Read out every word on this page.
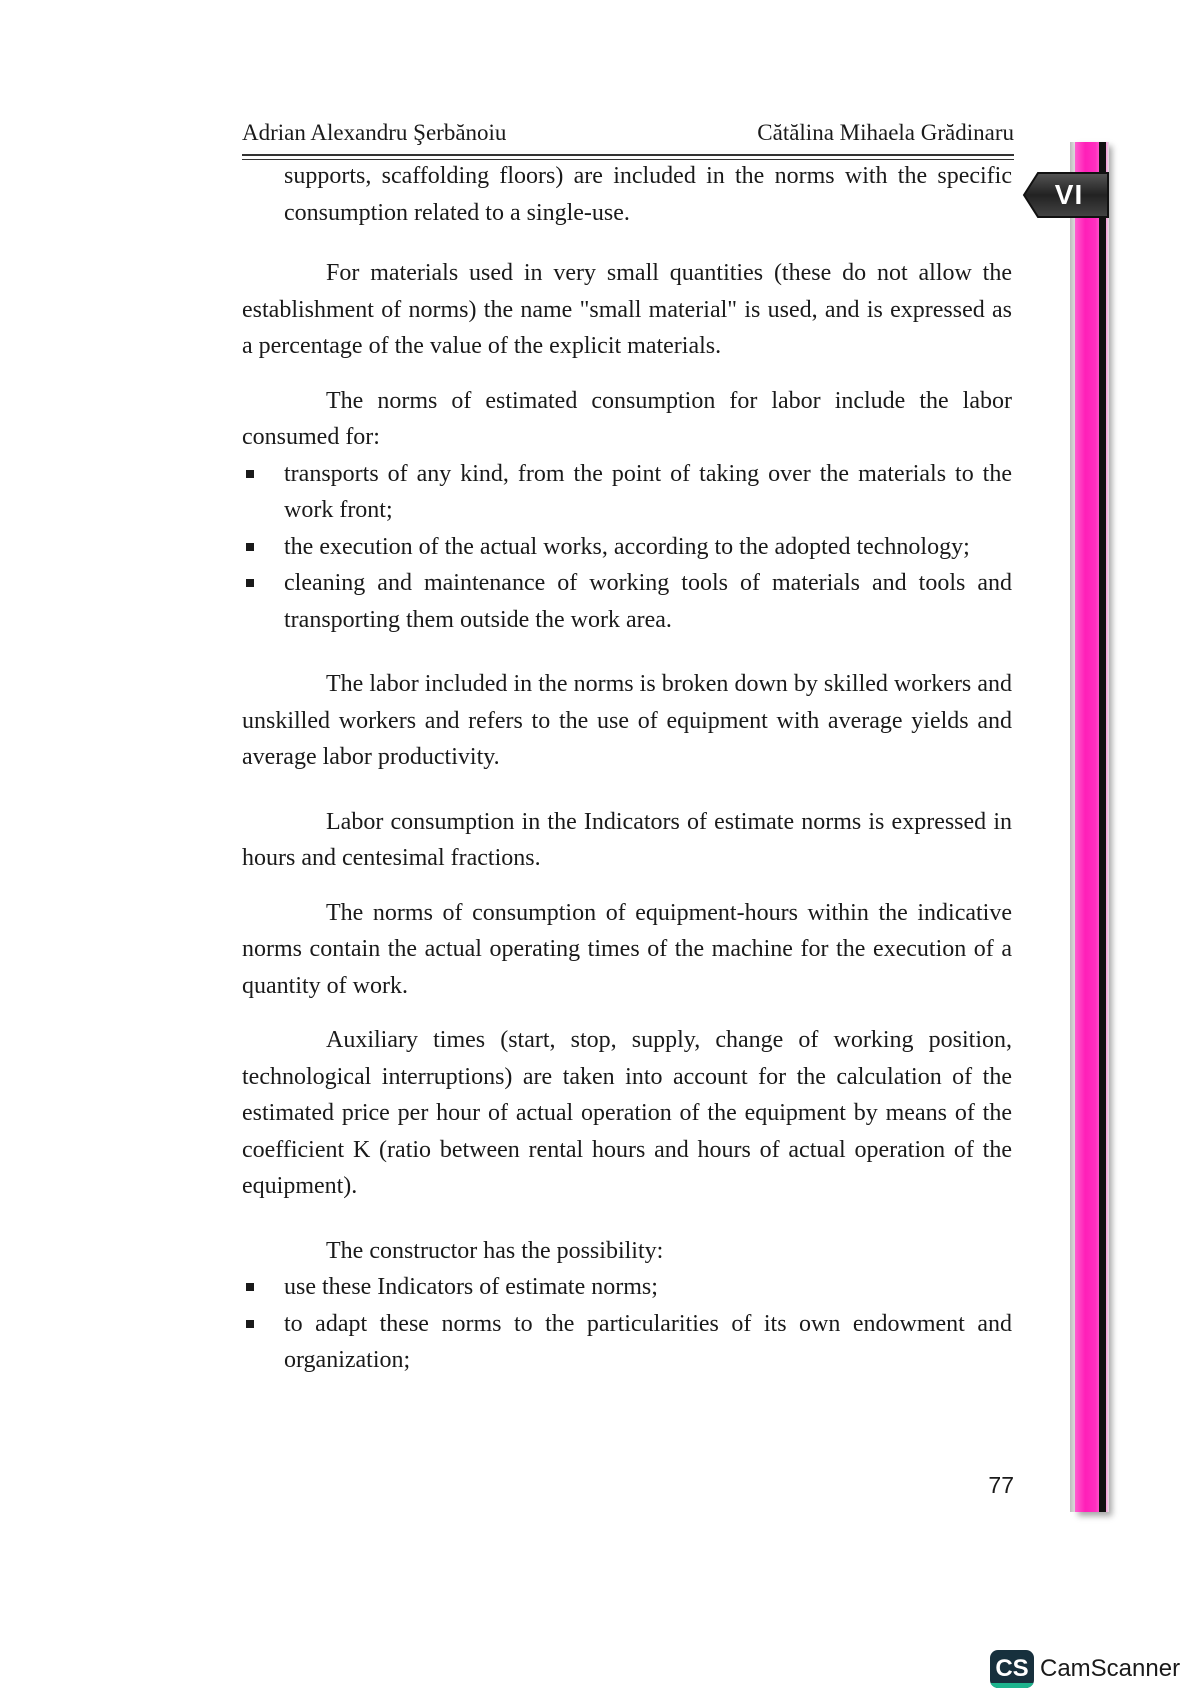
Adrian Alexandru Şerbănoiu	Cătălina Mihaela Grădinaru
VI

supports, scaffolding floors) are included in the norms with the specific consumption related to a single-use.

For materials used in very small quantities (these do not allow the establishment of norms) the name "small material" is used, and is expressed as a percentage of the value of the explicit materials.

The norms of estimated consumption for labor include the labor consumed for:

transports of any kind, from the point of taking over the materials to the work front;
the execution of the actual works, according to the adopted technology;
cleaning and maintenance of working tools of materials and tools and transporting them outside the work area.

The labor included in the norms is broken down by skilled workers and unskilled workers and refers to the use of equipment with average yields and average labor productivity.

Labor consumption in the Indicators of estimate norms is expressed in hours and centesimal fractions.

The norms of consumption of equipment-hours within the indicative norms contain the actual operating times of the machine for the execution of a quantity of work.

Auxiliary times (start, stop, supply, change of working position, technological interruptions) are taken into account for the calculation of the estimated price per hour of actual operation of the equipment by means of the coefficient K (ratio between rental hours and hours of actual operation of the equipment).

The constructor has the possibility:

use these Indicators of estimate norms;
to adapt these norms to the particularities of its own endowment and organization;
77
CS CamScanner
